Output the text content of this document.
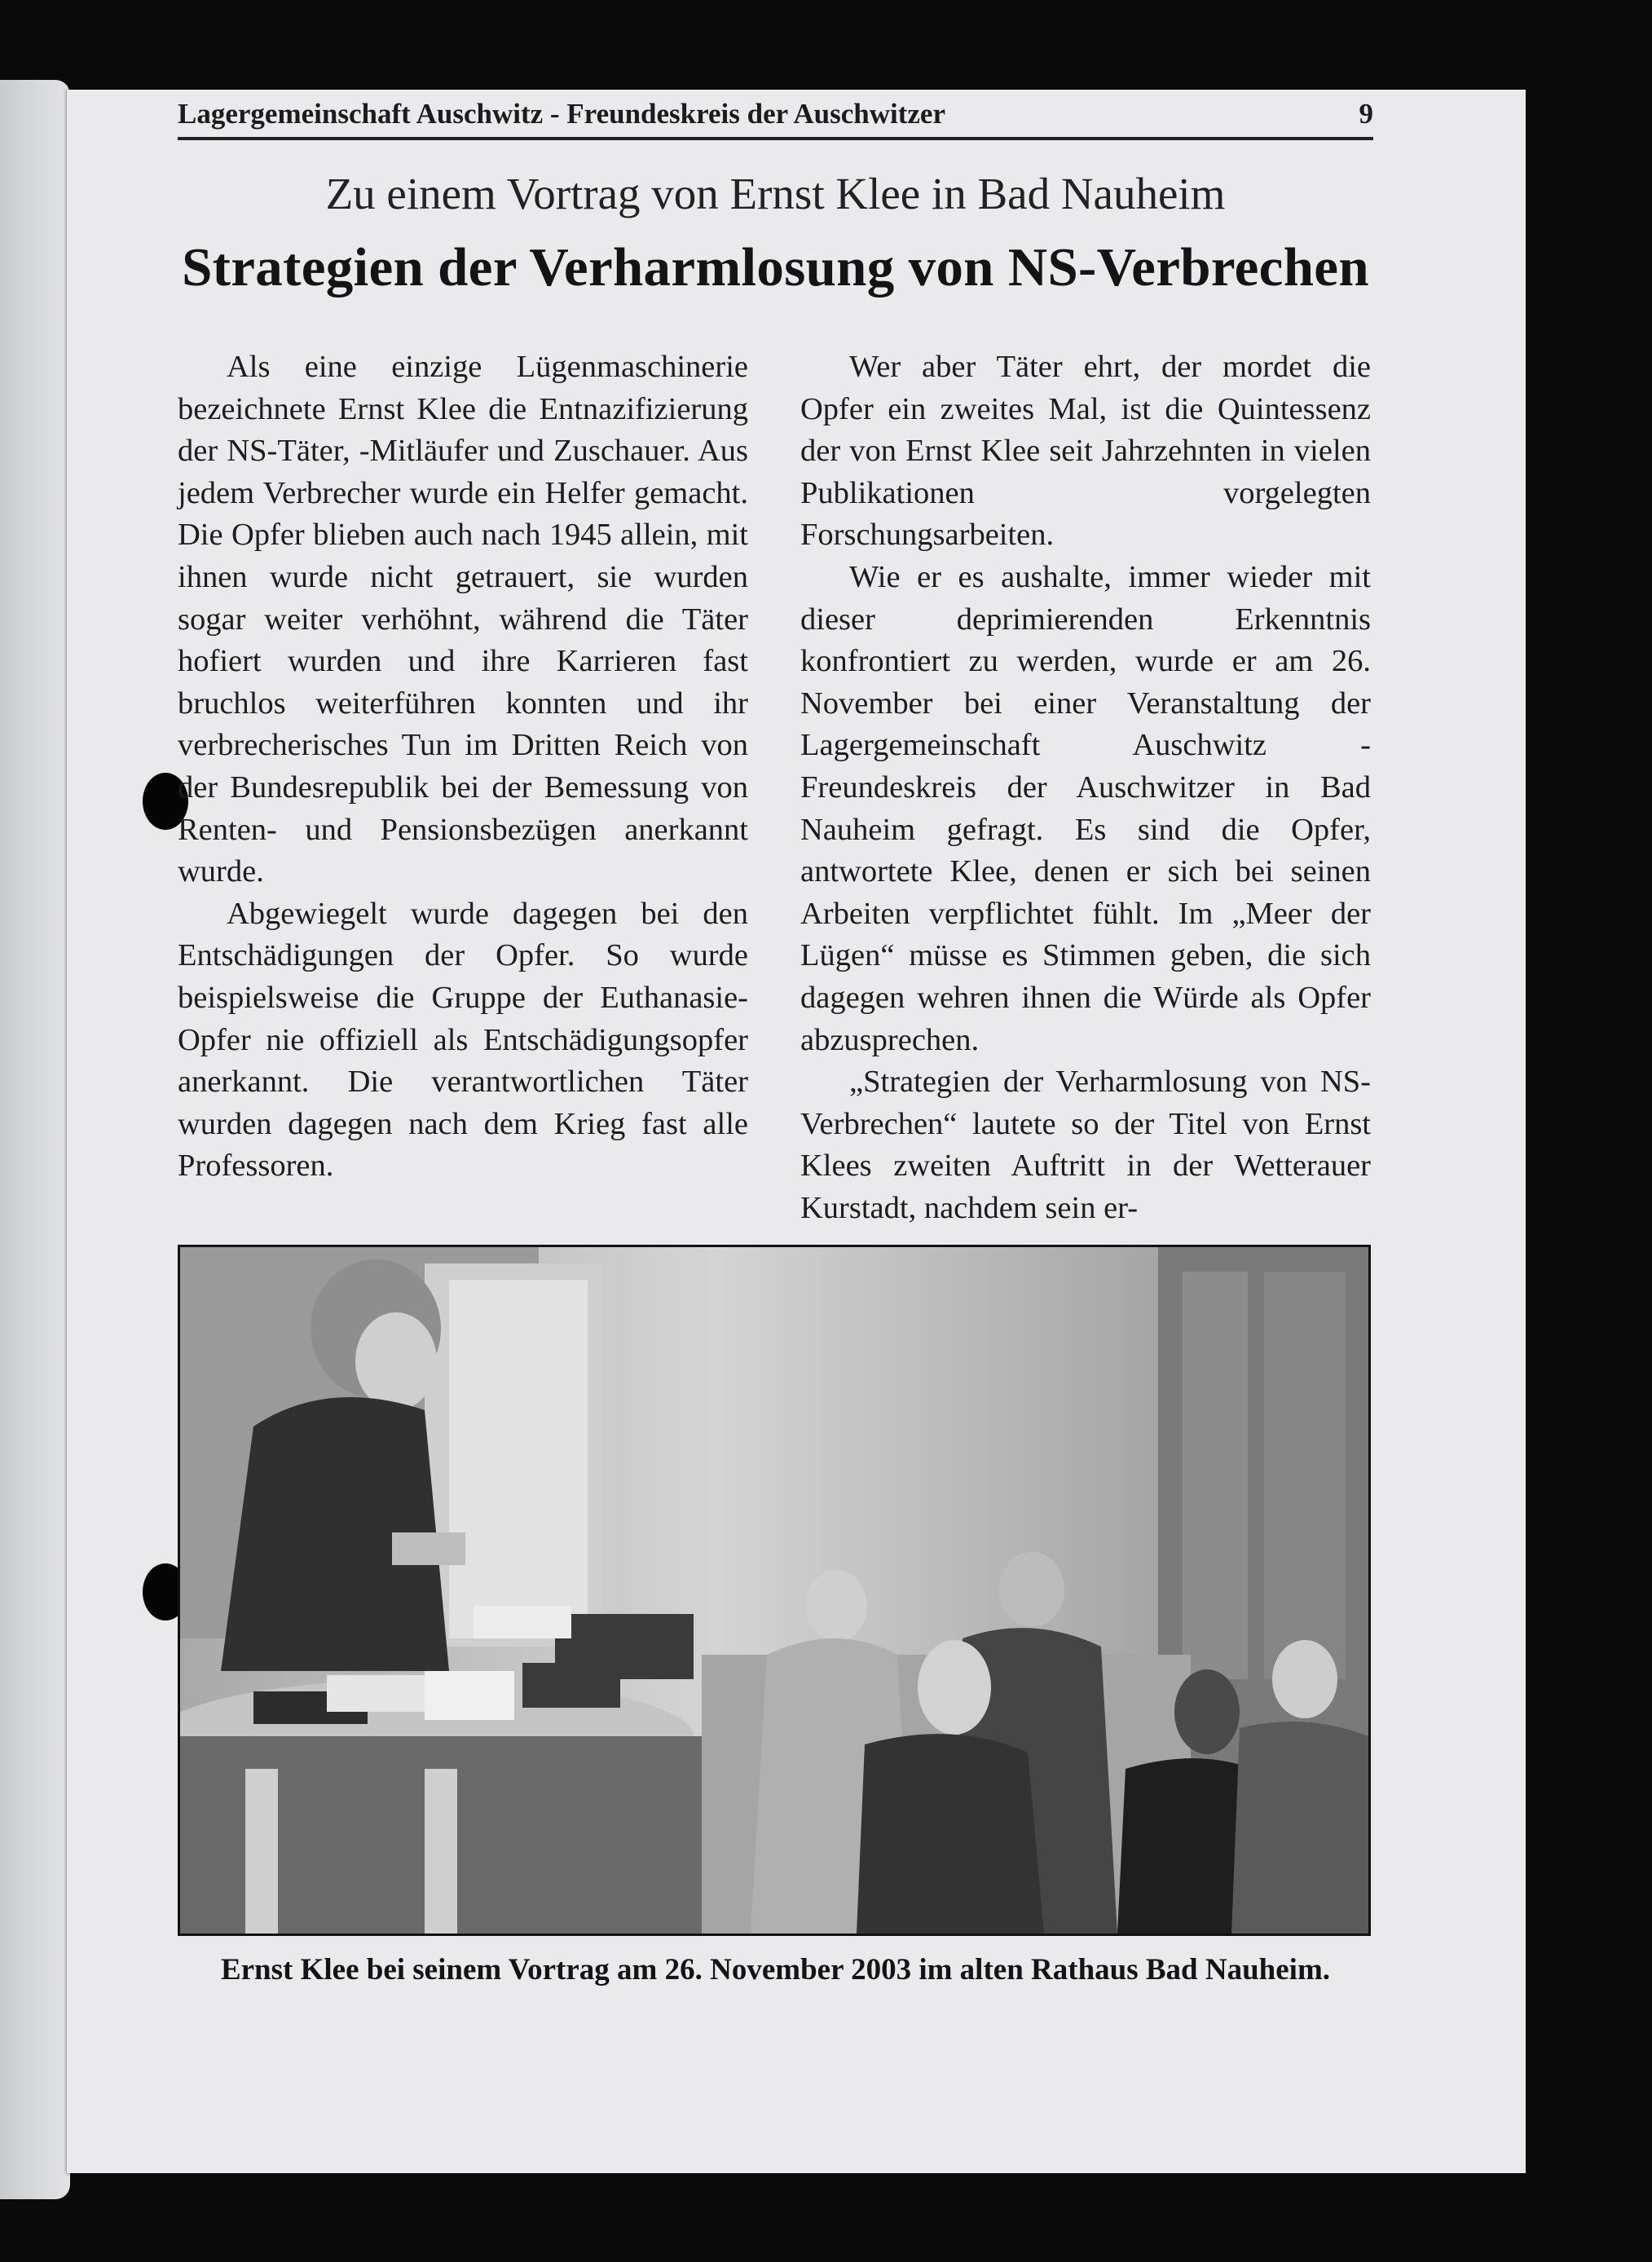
Lagergemeinschaft Auschwitz - Freundeskreis der Auschwitzer	9
Zu einem Vortrag von Ernst Klee in Bad Nauheim
Strategien der Verharmlosung von NS-Verbrechen

Als eine einzige Lügenmaschinerie bezeichnete Ernst Klee die Entnazifizierung der NS-Täter, -Mitläufer und Zuschauer. Aus jedem Verbrecher wurde ein Helfer gemacht. Die Opfer blieben auch nach 1945 allein, mit ihnen wurde nicht getrauert, sie wurden sogar weiter verhöhnt, während die Täter hofiert wurden und ihre Karrieren fast bruchlos weiterführen konnten und ihr verbrecherisches Tun im Dritten Reich von der Bundesrepublik bei der Bemessung von Renten- und Pensionsbezügen anerkannt wurde.

Abgewiegelt wurde dagegen bei den Entschädigungen der Opfer. So wurde beispielsweise die Gruppe der Euthanasie-Opfer nie offiziell als Entschädigungsopfer anerkannt. Die verantwortlichen Täter wurden dagegen nach dem Krieg fast alle Professoren.

Wer aber Täter ehrt, der mordet die Opfer ein zweites Mal, ist die Quintessenz der von Ernst Klee seit Jahrzehnten in vielen Publikationen vorgelegten Forschungsarbeiten.

Wie er es aushalte, immer wieder mit dieser deprimierenden Erkenntnis konfrontiert zu werden, wurde er am 26. November bei einer Veranstaltung der Lagergemeinschaft Auschwitz - Freundeskreis der Auschwitzer in Bad Nauheim gefragt. Es sind die Opfer, antwortete Klee, denen er sich bei seinen Arbeiten verpflichtet fühlt. Im „Meer der Lügen“ müsse es Stimmen geben, die sich dagegen wehren ihnen die Würde als Opfer abzusprechen.

„Strategien der Verharmlosung von NS-Verbrechen“ lautete so der Titel von Ernst Klees zweiten Auftritt in der Wetterauer Kurstadt, nachdem sein er-

Ernst Klee bei seinem Vortrag am 26. November 2003 im alten Rathaus Bad Nauheim.
